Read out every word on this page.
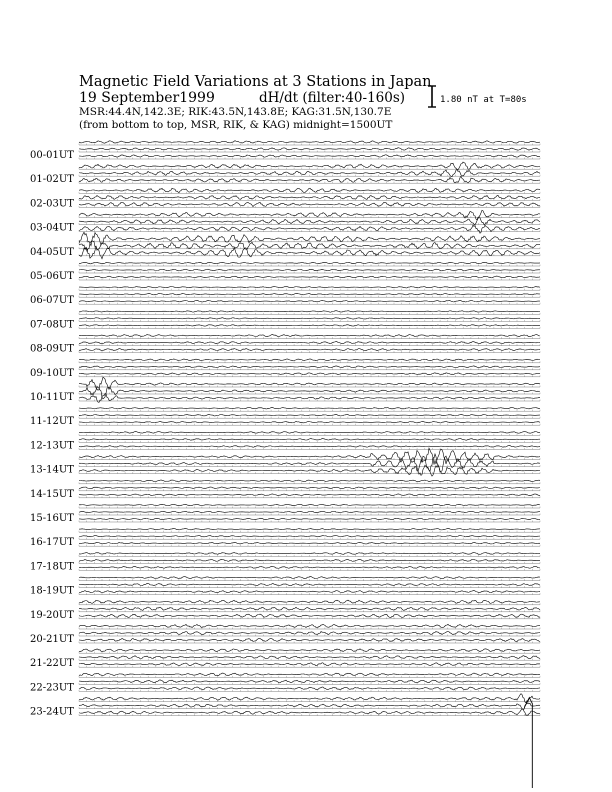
Magnetic Field Variations at 3 Stations in Japan
19 September1999	dH/dt (filter:40-160s)
MSR:44.4N,142.3E; RIK:43.5N,143.8E; KAG:31.5N,130.7E
(from bottom to top, MSR, RIK, & KAG) midnight=1500UT
1.80 nT at T=80s
00-01UT
01-02UT
02-03UT
03-04UT
04-05UT
05-06UT
06-07UT
07-08UT
08-09UT
09-10UT
10-11UT
11-12UT
12-13UT
13-14UT
14-15UT
15-16UT
16-17UT
17-18UT
18-19UT
19-20UT
20-21UT
21-22UT
22-23UT
23-24UT
